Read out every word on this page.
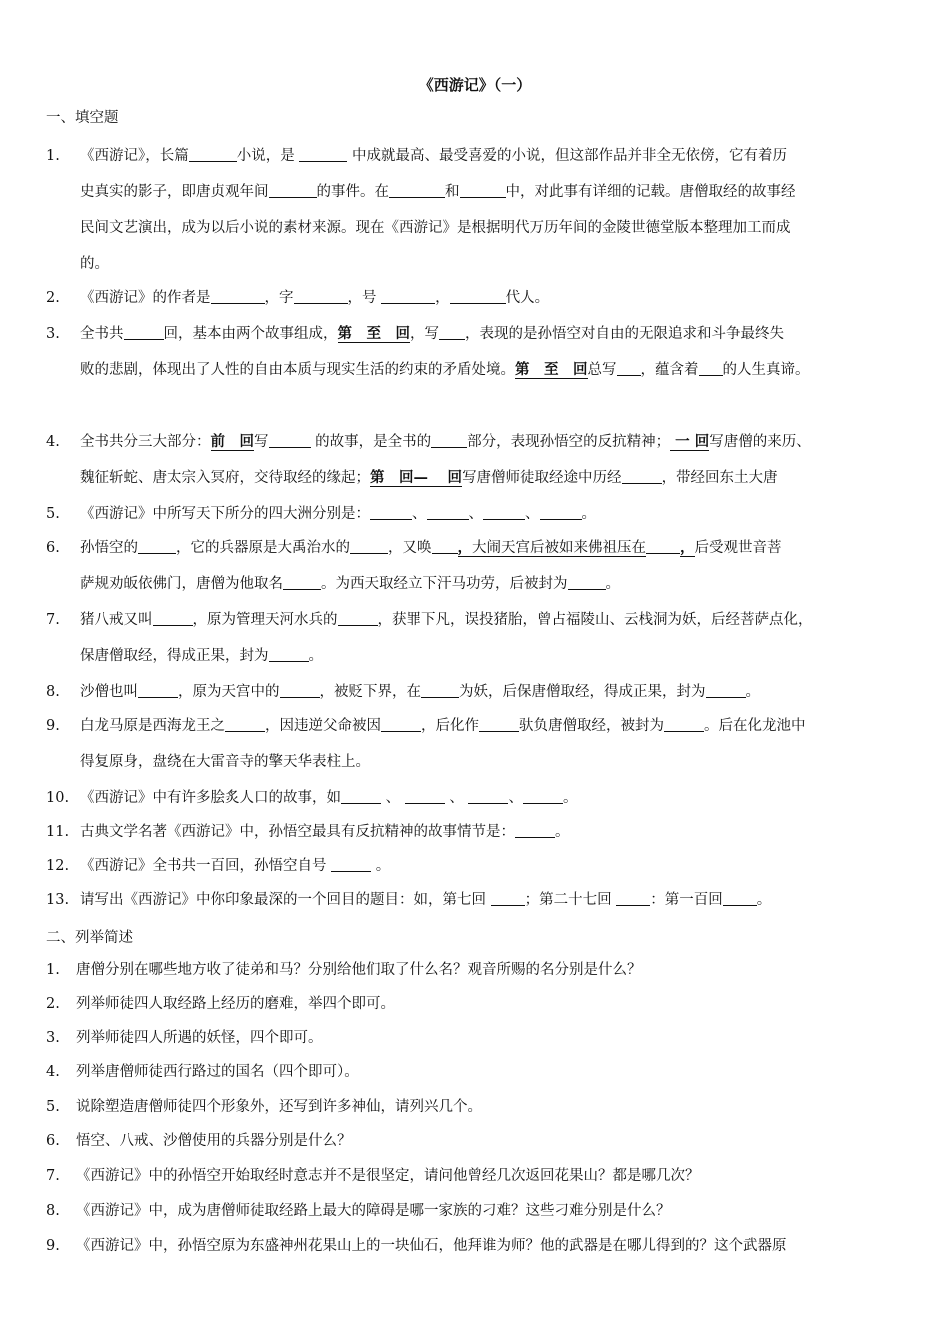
《西游记》（一）
一、填空题
1.	《西游记》，长篇	小说，是	中成就最高、最受喜爱的小说，但这部作品并非全无依傍，它有着历
史真实的影子，即唐贞观年间	的事件。在	和	中，对此事有详细的记载。唐僧取经的故事经
民间文艺演出，成为以后小说的素材来源。现在《西游记》是根据明代万历年间的金陵世德堂版本整理加工而成
的。
2.	《西游记》的作者是	，字	，号	，	代人。
3.	全书共	回，基本由两个故事组成，第　至　回，写 ，表现的是孙悟空对自由的无限追求和斗争最终失
败的悲剧，体现出了人性的自由本质与现实生活的约束的矛盾处境。第　至　回总写 ，蕴含着 的人生真谛。
4.	全书共分三大部分：前　回写	的故事，是全书的 部分，表现孙悟空的反抗精神； 一 回写唐僧的来历、
魏征斩蛇、唐太宗入冥府，交待取经的缘起；第　回—　 回写唐僧师徒取经途中历经	，带经回东土大唐
5.	《西游记》中所写天下所分的四大洲分别是：	、	、	、	。
6.	孙悟空的	，它的兵器原是大禹治水的	，又唤 ，大闹天宫后被如来佛祖压在 ，后受观世音菩
萨规劝皈依佛门，唐僧为他取名	。为西天取经立下汗马功劳，后被封为	。
7.	猪八戒又叫	，原为管理天河水兵的	，获罪下凡，误投猪胎，曾占福陵山、云栈洞为妖，后经菩萨点化，
保唐僧取经，得成正果，封为	。
8.	沙僧也叫	，原为天宫中的	，被贬下界，在	为妖，后保唐僧取经，得成正果，封为	。
9.	白龙马原是西海龙王之	，因违逆父命被因	，后化作	驮负唐僧取经，被封为	。后在化龙池中
得复原身，盘绕在大雷音寺的擎天华表柱上。
10. 《西游记》中有许多脍炙人口的故事，如	、	、	、	。
11. 古典文学名著《西游记》中，孙悟空最具有反抗精神的故事情节是：	。
12. 《西游记》全书共一百回，孙悟空自号	。
13. 请写出《西游记》中你印象最深的一个回目的题目：如，第七回 ；第二十七回 ：第一百回 。
二、列举简述
1.	唐僧分别在哪些地方收了徒弟和马？分别给他们取了什么名？观音所赐的名分别是什么？
2.	列举师徒四人取经路上经历的磨难，举四个即可。
3.	列举师徒四人所遇的妖怪，四个即可。
4.	列举唐僧师徒西行路过的国名（四个即可）。
5.	说除塑造唐僧师徒四个形象外，还写到许多神仙，请列兴几个。
6.	悟空、八戒、沙僧使用的兵器分别是什么？
7.	《西游记》中的孙悟空开始取经时意志并不是很坚定，请问他曾经几次返回花果山？都是哪几次？
8.	《西游记》中，成为唐僧师徒取经路上最大的障碍是哪一家族的刁难？这些刁难分别是什么？
9.	《西游记》中，孙悟空原为东盛神州花果山上的一块仙石，他拜谁为师？他的武器是在哪儿得到的？这个武器原
